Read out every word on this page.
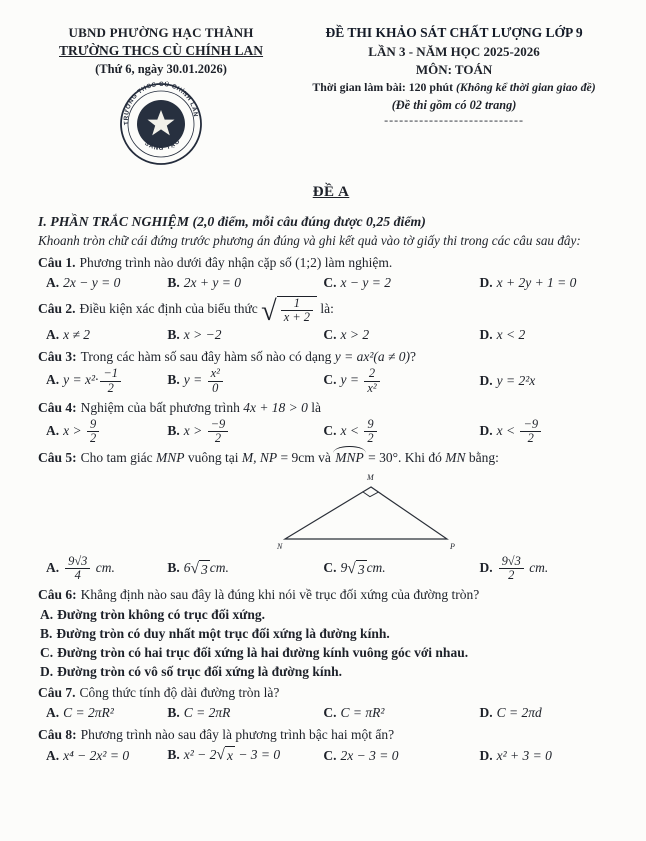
UBND PHƯỜNG HẠC THÀNH
TRƯỜNG THCS CÙ CHÍNH LAN
(Thứ 6, ngày 30.01.2026)
TRƯỜNG THCS CÙ CHÍNH LAN
SÁNG TẠO
ĐỀ THI KHẢO SÁT CHẤT LƯỢNG LỚP 9
LẦN 3 - NĂM HỌC 2025-2026
MÔN: TOÁN
Thời gian làm bài: 120 phút (Không kể thời gian giao đề)
(Đề thi gồm có 02 trang)
----------------------------
ĐỀ A
I. PHẦN TRẮC NGHIỆM (2,0 điểm, mỗi câu đúng được 0,25 điểm)
Khoanh tròn chữ cái đứng trước phương án đúng và ghi kết quả vào tờ giấy thi trong các câu sau đây:
Câu 1. Phương trình nào dưới đây nhận cặp số (1;2) làm nghiệm.
A. 2x − y = 0	B. 2x + y = 0	C. x − y = 2	D. x + 2y + 1 = 0
Câu 2. Điều kiện xác định của biểu thức √ $\frac{1}{x + 2}$ là:
A. x ≠ 2	B. x > −2	C. x > 2	D. x < 2
Câu 3: Trong các hàm số sau đây hàm số nào có dạng y = ax²(a ≠ 0)?
A. $y = x^2\cdot \frac{-1}{2}$	B. $y = \frac{\text{x²}}{0}$	C. $y = \frac{2}{\text{x²}}$	D. y = 2²x
Câu 4: Nghiệm của bất phương trình 4x + 18 > 0 là
A. $x > \frac{9}{2}$	B. $x > \frac{-9}{2}$	C. $x < \frac{9}{2}$	D. $x < \frac{-9}{2}$
Câu 5: Cho tam giác MNP vuông tại M, NP = 9cm và MNP = 30°. Khi đó MN bằng:
M
N	P
A. $\frac{9√3}{4}$ cm.	B. 6 √ 3 cm.	C. 9 √ 3 cm.	D. $\frac{9√3}{2}$ cm.
Câu 6: Khẳng định nào sau đây là đúng khi nói về trục đối xứng của đường tròn?
A. Đường tròn không có trục đối xứng.
B. Đường tròn có duy nhất một trục đối xứng là đường kính.
C. Đường tròn có hai trục đối xứng là hai đường kính vuông góc với nhau.
D. Đường tròn có vô số trục đối xứng là đường kính.
Câu 7. Công thức tính độ dài đường tròn là?
A. C = 2πR²	B. C = 2πR	C. C = πR²	D. C = 2πd
Câu 8: Phương trình nào sau đây là phương trình bậc hai một ẩn?
A. x⁴ − 2x² = 0	B. x² − 2 √ x − 3 = 0	C. 2x − 3 = 0	D. x² + 3 = 0
